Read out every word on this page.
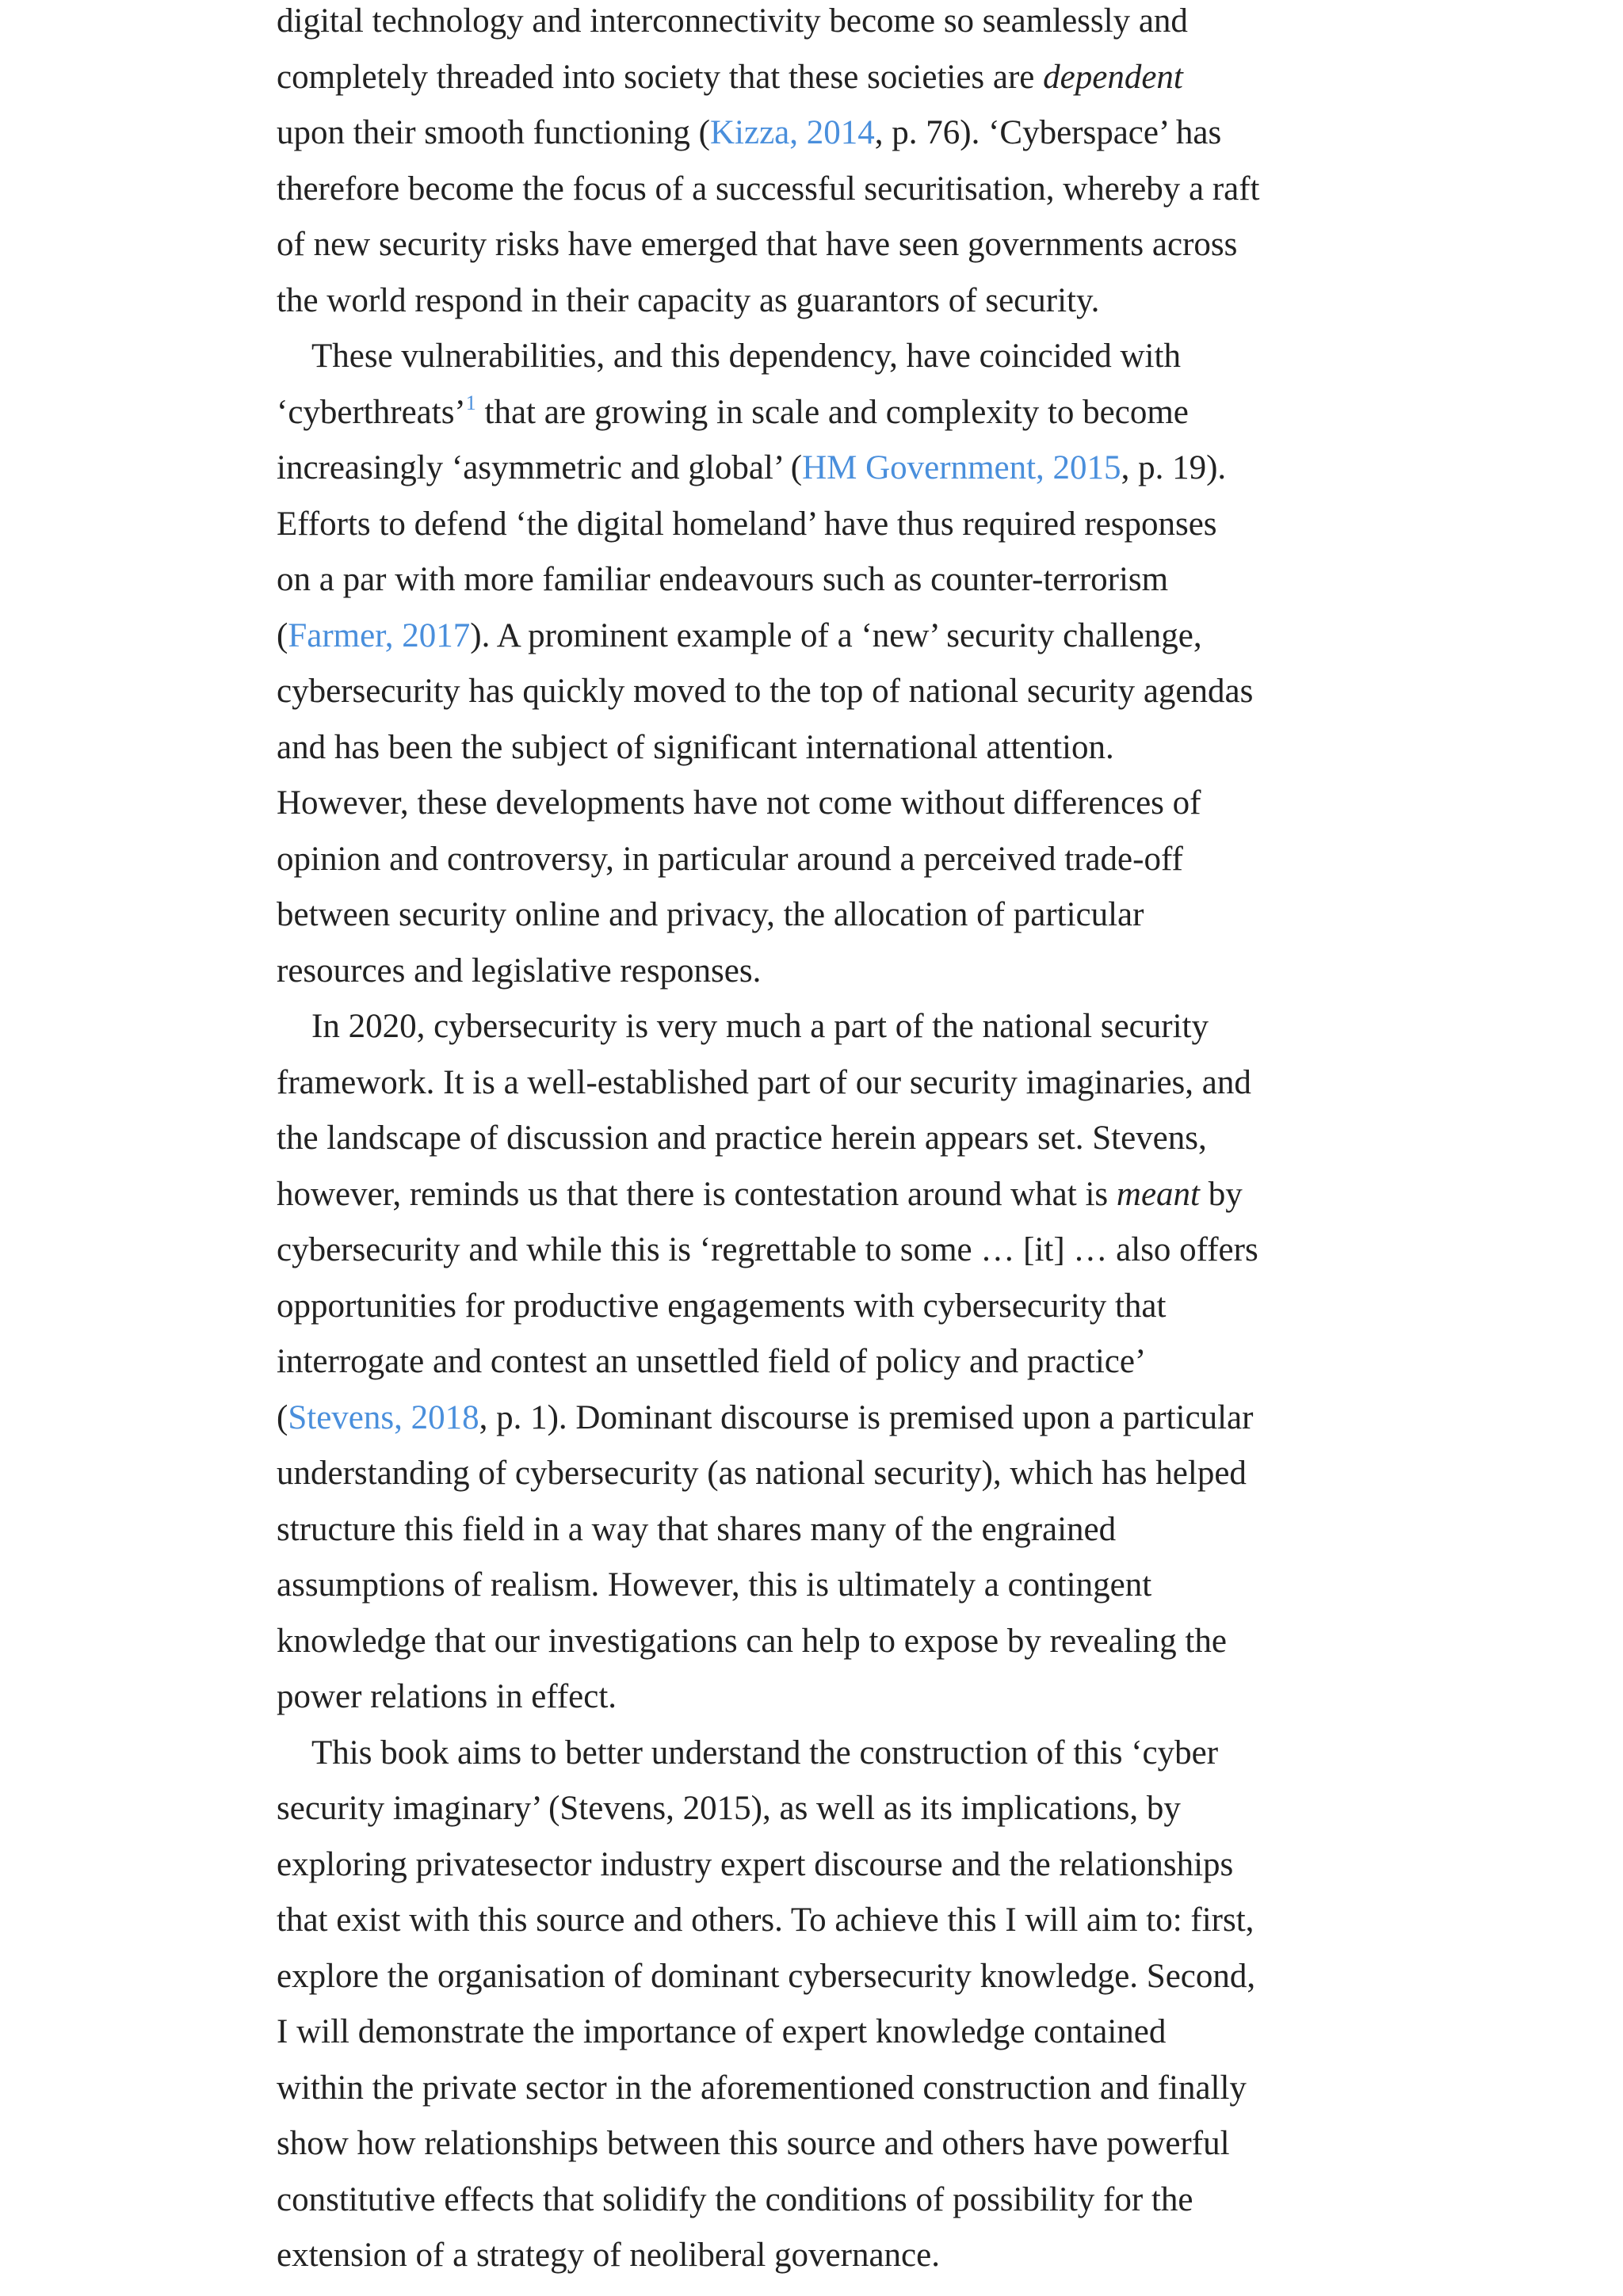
digital technology and interconnectivity become so seamlessly and
completely threaded into society that these societies are dependent
upon their smooth functioning (Kizza, 2014, p. 76). ‘Cyberspace’ has
therefore become the focus of a successful securitisation, whereby a raft
of new security risks have emerged that have seen governments across
the world respond in their capacity as guarantors of security.
These vulnerabilities, and this dependency, have coincided with
‘cyberthreats’$^1$ that are growing in scale and complexity to become
increasingly ‘asymmetric and global’ (HM Government, 2015, p. 19).
Efforts to defend ‘the digital homeland’ have thus required responses
on a par with more familiar endeavours such as counter-terrorism
(Farmer, 2017). A prominent example of a ‘new’ security challenge,
cybersecurity has quickly moved to the top of national security agendas
and has been the subject of significant international attention.
However, these developments have not come without differences of
opinion and controversy, in particular around a perceived trade-off
between security online and privacy, the allocation of particular
resources and legislative responses.
In 2020, cybersecurity is very much a part of the national security
framework. It is a well-established part of our security imaginaries, and
the landscape of discussion and practice herein appears set. Stevens,
however, reminds us that there is contestation around what is meant by
cybersecurity and while this is ‘regrettable to some … [it] … also offers
opportunities for productive engagements with cybersecurity that
interrogate and contest an unsettled field of policy and practice’
(Stevens, 2018, p. 1). Dominant discourse is premised upon a particular
understanding of cybersecurity (as national security), which has helped
structure this field in a way that shares many of the engrained
assumptions of realism. However, this is ultimately a contingent
knowledge that our investigations can help to expose by revealing the
power relations in effect.
This book aims to better understand the construction of this ‘cyber
security imaginary’ (Stevens, 2015), as well as its implications, by
exploring privatesector industry expert discourse and the relationships
that exist with this source and others. To achieve this I will aim to: first,
explore the organisation of dominant cybersecurity knowledge. Second,
I will demonstrate the importance of expert knowledge contained
within the private sector in the aforementioned construction and finally
show how relationships between this source and others have powerful
constitutive effects that solidify the conditions of possibility for the
extension of a strategy of neoliberal governance.
